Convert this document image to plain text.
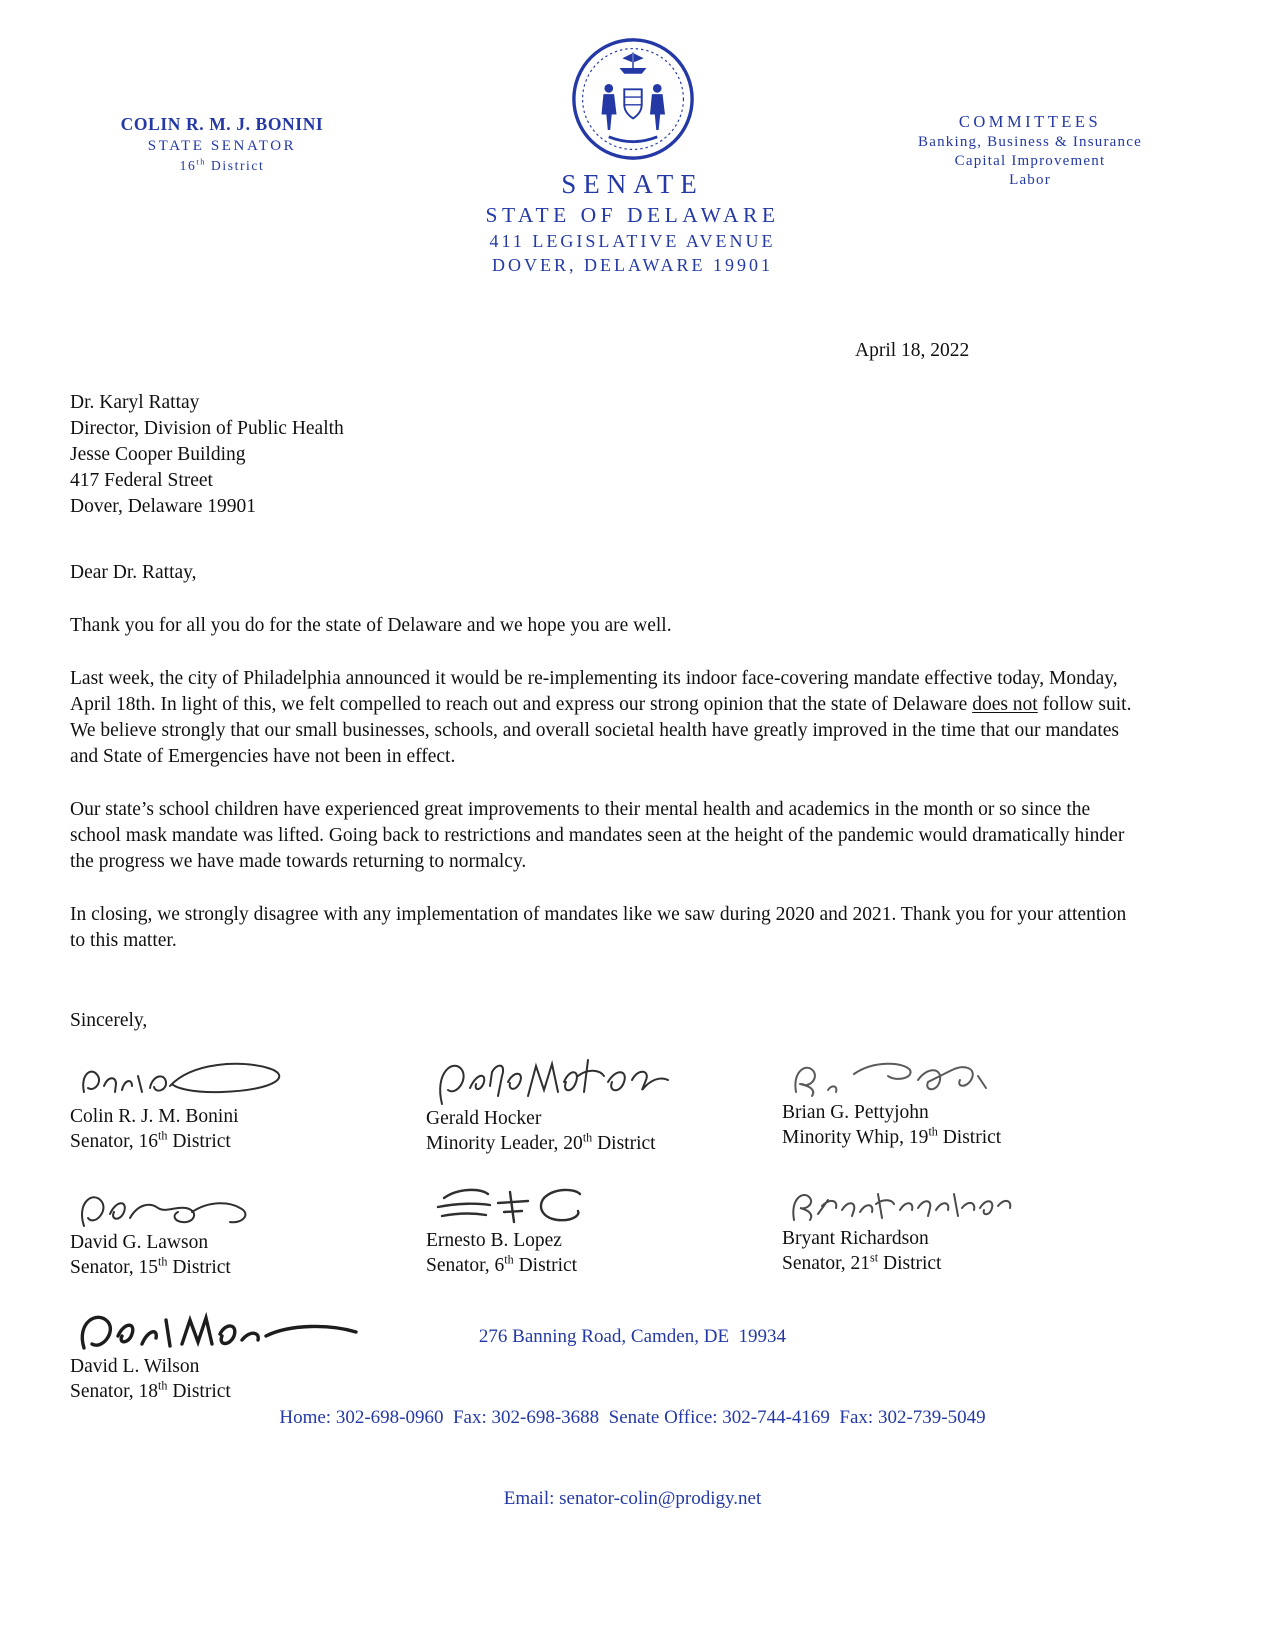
COLIN R. M. J. BONINI
STATE SENATOR
16th District
SENATE
STATE OF DELAWARE
411 LEGISLATIVE AVENUE
DOVER, DELAWARE 19901
COMMITTEES
Banking, Business & Insurance
Capital Improvement
Labor
April 18, 2022
Dr. Karyl Rattay
Director, Division of Public Health
Jesse Cooper Building
417 Federal Street
Dover, Delaware 19901
Dear Dr. Rattay,

Thank you for all you do for the state of Delaware and we hope you are well.

Last week, the city of Philadelphia announced it would be re-implementing its indoor face-covering mandate effective today, Monday, April 18th. In light of this, we felt compelled to reach out and express our strong opinion that the state of Delaware does not follow suit. We believe strongly that our small businesses, schools, and overall societal health have greatly improved in the time that our mandates and State of Emergencies have not been in effect.

Our state’s school children have experienced great improvements to their mental health and academics in the month or so since the school mask mandate was lifted. Going back to restrictions and mandates seen at the height of the pandemic would dramatically hinder the progress we have made towards returning to normalcy.

In closing, we strongly disagree with any implementation of mandates like we saw during 2020 and 2021. Thank you for your attention to this matter.

Sincerely,
Colin R. J. M. Bonini
Senator, 16th District
Gerald Hocker
Minority Leader, 20th District
Brian G. Pettyjohn
Minority Whip, 19th District
David G. Lawson
Senator, 15th District
Ernesto B. Lopez
Senator, 6th District
Bryant Richardson
Senator, 21st District
David L. Wilson
Senator, 18th District

276 Banning Road, Camden, DE  19934

Home: 302-698-0960  Fax: 302-698-3688  Senate Office: 302-744-4169  Fax: 302-739-5049

Email: senator-colin@prodigy.net
